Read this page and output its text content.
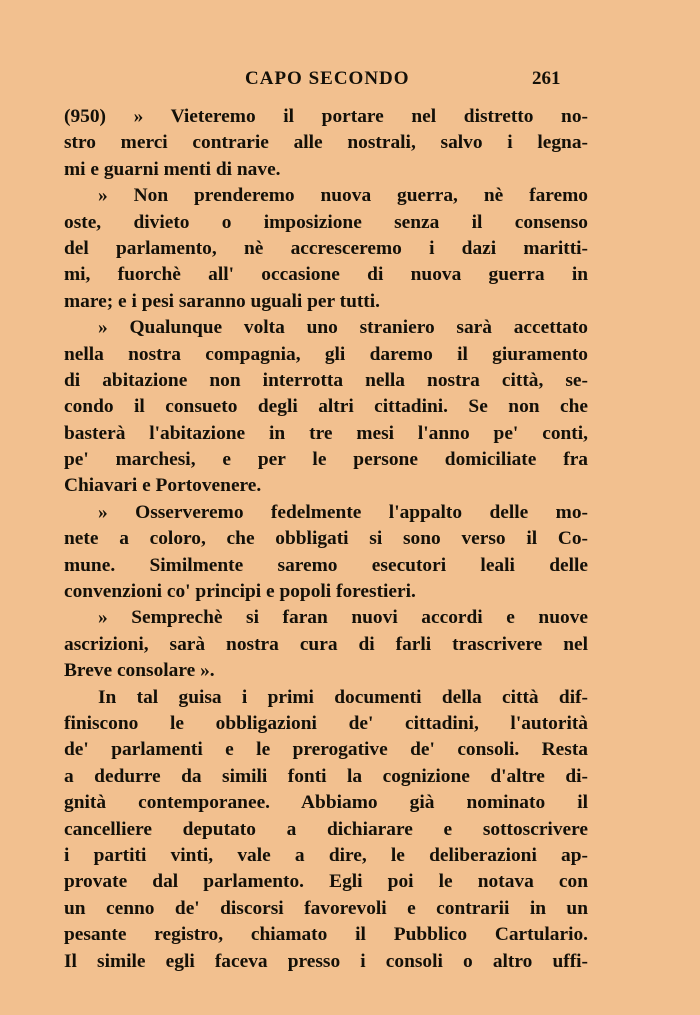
CAPO SECONDO	261
(950) » Vieteremo il portare nel distretto no-
stro merci contrarie alle nostrali, salvo i legna-
mi e guarni menti di nave.
» Non prenderemo nuova guerra, nè faremo
oste, divieto o imposizione senza il consenso
del parlamento, nè accresceremo i dazi maritti-
mi, fuorchè all' occasione di nuova guerra in
mare; e i pesi saranno uguali per tutti.
» Qualunque volta uno straniero sarà accettato
nella nostra compagnia, gli daremo il giuramento
di abitazione non interrotta nella nostra città, se-
condo il consueto degli altri cittadini. Se non che
basterà l'abitazione in tre mesi l'anno pe' conti,
pe' marchesi, e per le persone domiciliate fra
Chiavari e Portovenere.
» Osserveremo fedelmente l'appalto delle mo-
nete a coloro, che obbligati si sono verso il Co-
mune. Similmente saremo esecutori leali delle
convenzioni co' principi e popoli forestieri.
» Semprechè si faran nuovi accordi e nuove
ascrizioni, sarà nostra cura di farli trascrivere nel
Breve consolare ».
In tal guisa i primi documenti della città dif-
finiscono le obbligazioni de' cittadini, l'autorità
de' parlamenti e le prerogative de' consoli. Resta
a dedurre da simili fonti la cognizione d'altre di-
gnità contemporanee. Abbiamo già nominato il
cancelliere deputato a dichiarare e sottoscrivere
i partiti vinti, vale a dire, le deliberazioni ap-
provate dal parlamento. Egli poi le notava con
un cenno de' discorsi favorevoli e contrarii in un
pesante registro, chiamato il Pubblico Cartulario.
Il simile egli faceva presso i consoli o altro uffi-
